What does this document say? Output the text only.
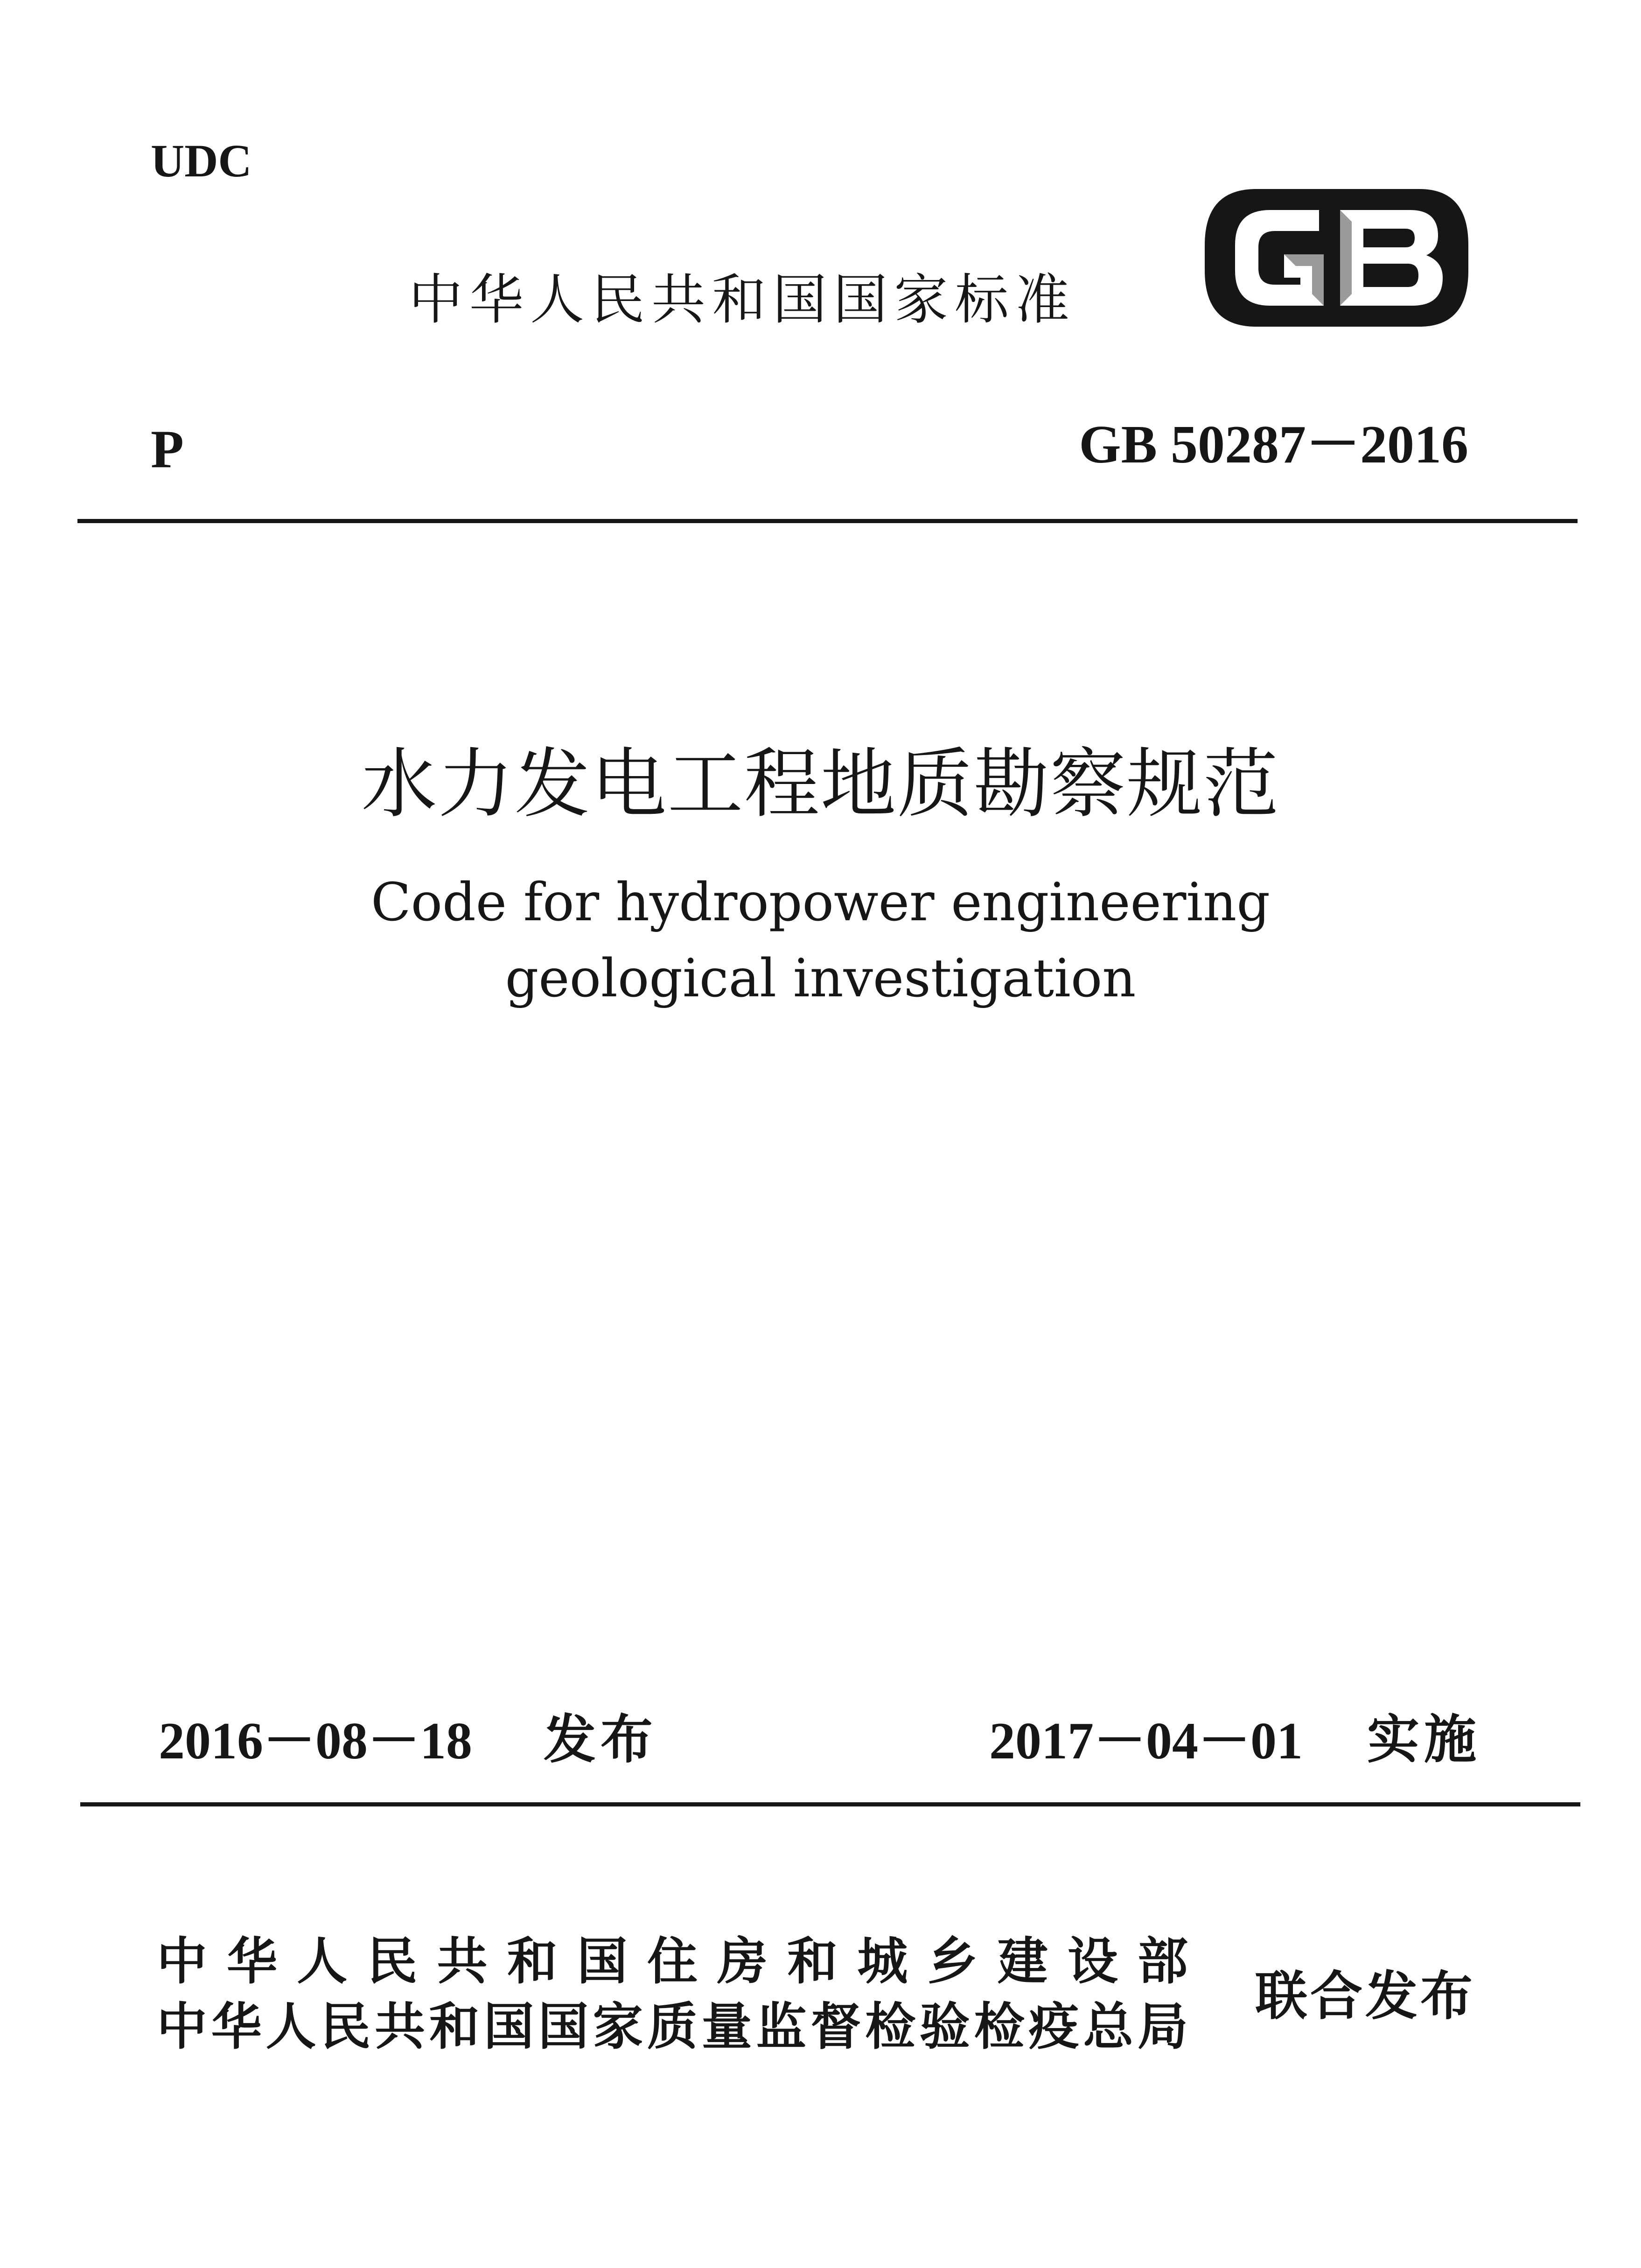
UDC
中华人民共和国国家标准
P	GB 50287－2016
水力发电工程地质勘察规范
Code for hydropower engineering
geological investigation
2016－08－18 发布	2017－04－01 实施
中华人民共和国住房和城乡建设部
中华人民共和国国家质量监督检验检疫总局
联合发布
